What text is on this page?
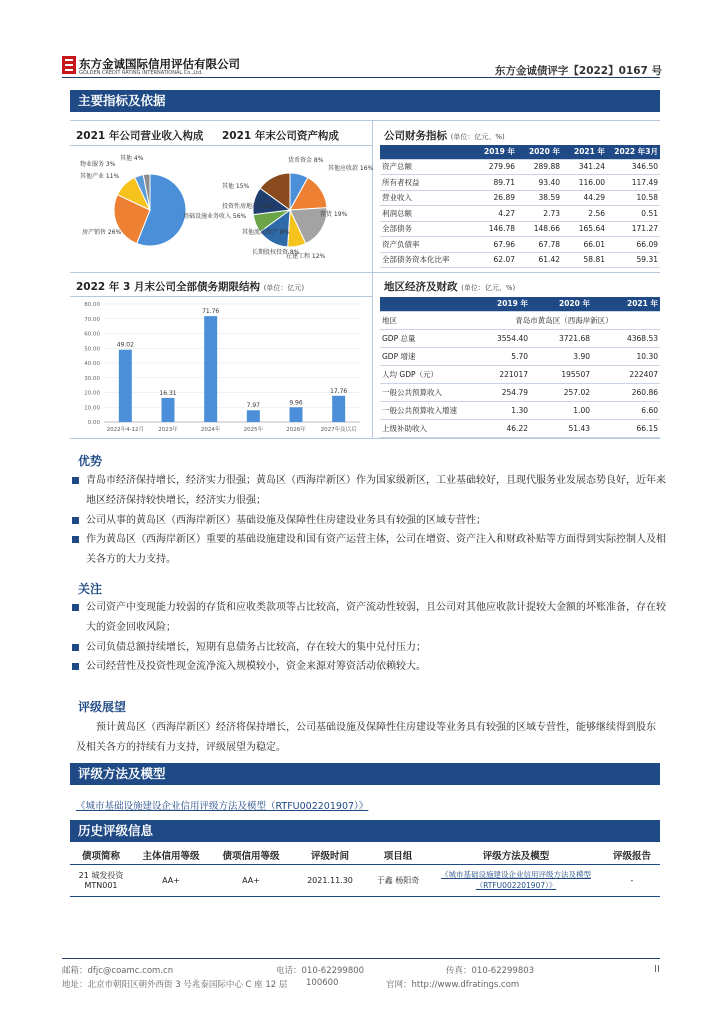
东方金诚国际信用评估有限公司
GOLDEN CREDIT RATING INTERNATIONAL Co.,Ltd.	东方金诚债评字【2022】0167 号
主要指标及依据
2021 年公司营业收入构成 2021 年末公司资产构成
基础设施业务收入 56%
房产销售 26%
其他产业 11%
其他 4%
物业服务 3%
货币资金 8%
其他应收款 16%
存货 19%
长期股权投资 8%
投资性房地产 14%
其他流动资产 8%
在建工程 12%
其他 15%
公司财务指标 (单位：亿元、%)
	2019 年	2020 年	2021 年	2022 年3月
资产总额	279.96	289.88	341.24	346.50
所有者权益	89.71	93.40	116.00	117.49
营业收入	26.89	38.59	44.29	10.58
利润总额	4.27	2.73	2.56	0.51
全部债务	146.78	148.66	165.64	171.27
资产负债率	67.96	67.78	66.01	66.09
全部债务资本化比率	62.07	61.42	58.81	59.31
2022 年 3 月末公司全部债务期限结构 (单位：亿元)
0.00
10.00
20.00
30.00
40.00
50.00
60.00
70.00
80.00
49.02
2022年4-12月
16.31
2023年
71.76
2024年
7.97
2025年
9.96
2026年
17.76
2027年及以后
地区经济及财政 (单位：亿元、%)
	2019 年	2020 年	2021 年
地区	青岛市黄岛区（西海岸新区）		
GDP 总量	3554.40	3721.68	4368.53
GDP 增速	5.70	3.90	10.30
人均 GDP（元）	221017	195507	222407
一般公共预算收入	254.79	257.02	260.86
一般公共预算收入增速	1.30	1.00	6.60
上级补助收入	46.22	51.43	66.15
优势
青岛市经济保持增长，经济实力很强；黄岛区（西海岸新区）作为国家级新区，工业基础较好，且现代服务业发展态势良好，近年来地区经济保持较快增长，经济实力很强；
公司从事的黄岛区（西海岸新区）基础设施及保障性住房建设业务具有较强的区域专营性；
作为黄岛区（西海岸新区）重要的基础设施建设和国有资产运营主体，公司在增资、资产注入和财政补贴等方面得到实际控制人及相关各方的大力支持。
关注
公司资产中变现能力较弱的存货和应收类款项等占比较高，资产流动性较弱，且公司对其他应收款计提较大金额的坏账准备，存在较大的资金回收风险；
公司负债总额持续增长，短期有息债务占比较高，存在较大的集中兑付压力；
公司经营性及投资性现金流净流入规模较小，资金来源对筹资活动依赖较大。
评级展望
预计黄岛区（西海岸新区）经济将保持增长，公司基础设施及保障性住房建设等业务具有较强的区域专营性，能够继续得到股东及相关各方的持续有力支持，评级展望为稳定。
评级方法及模型
《城市基础设施建设企业信用评级方法及模型（RTFU002201907）》
历史评级信息
债项简称	主体信用等级	债项信用等级	评级时间	项目组	评级方法及模型	评级报告
21 城发投资MTN001	AA+	AA+	2021.11.30	于鑫 杨阳奇	《城市基础设施建设企业信用评级方法及模型（RTFU002201907）》	-
邮箱：dfjc@coamc.com.cn	电话：010-62299800	传真：010-62299803	II
地址：北京市朝阳区朝外西街 3 号兆泰国际中心 C 座 12 层 100600	官网：http://www.dfratings.com
